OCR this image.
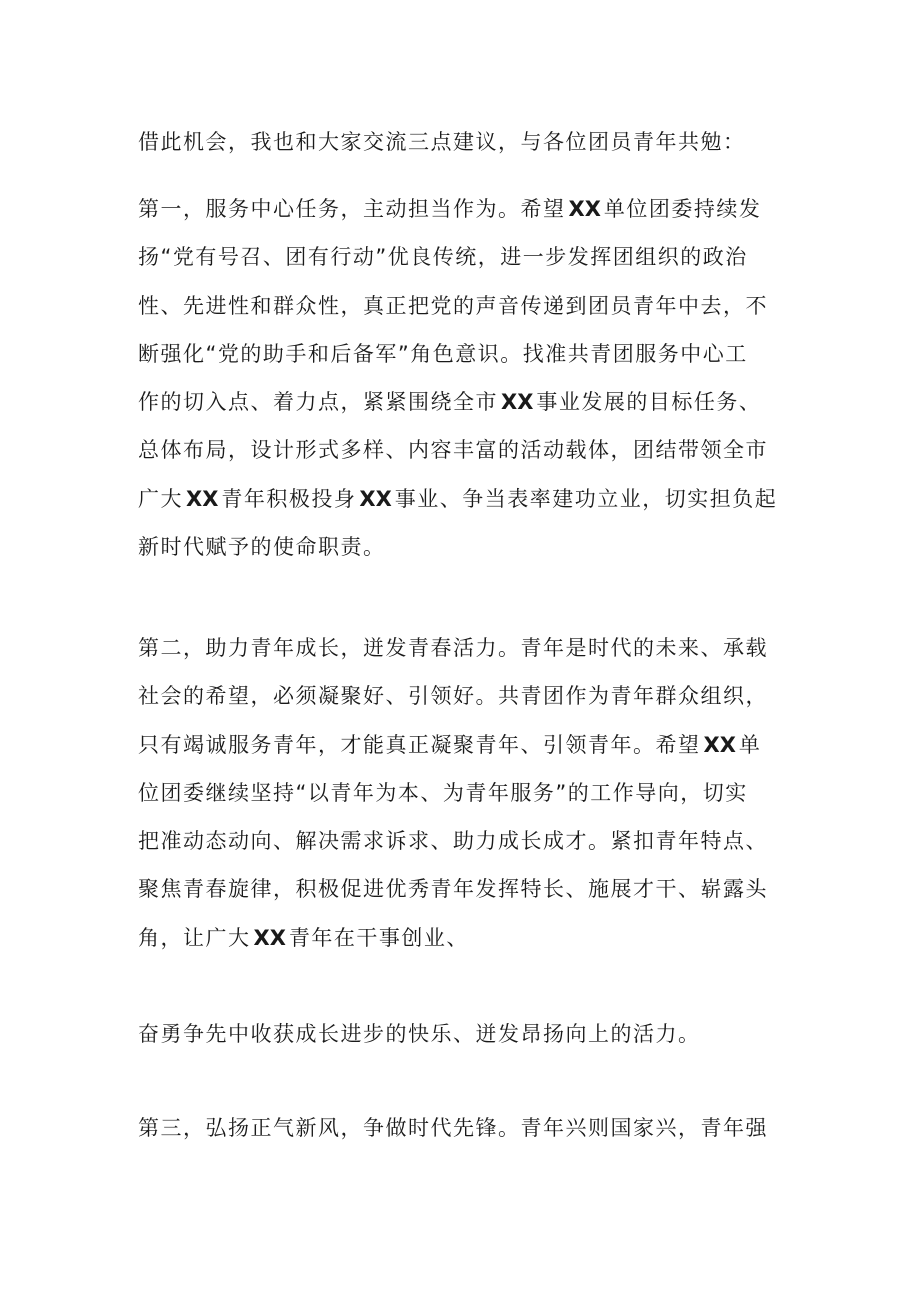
借此机会，我也和大家交流三点建议，与各位团员青年共勉：

第一，服务中心任务，主动担当作为。希望 XX 单位团委持续发
扬“党有号召、团有行动”优良传统，进一步发挥团组织的政治
性、先进性和群众性，真正把党的声音传递到团员青年中去，不
断强化“党的助手和后备军”角色意识。找准共青团服务中心工
作的切入点、着力点，紧紧围绕全市 XX 事业发展的目标任务、
总体布局，设计形式多样、内容丰富的活动载体，团结带领全市
广大 XX 青年积极投身 XX 事业、争当表率建功立业，切实担负起
新时代赋予的使命职责。

第二，助力青年成长，迸发青春活力。青年是时代的未来、承载
社会的希望，必须凝聚好、引领好。共青团作为青年群众组织，
只有竭诚服务青年，才能真正凝聚青年、引领青年。希望 XX 单
位团委继续坚持“以青年为本、为青年服务”的工作导向，切实
把准动态动向、解决需求诉求、助力成长成才。紧扣青年特点、
聚焦青春旋律，积极促进优秀青年发挥特长、施展才干、崭露头
角，让广大 XX 青年在干事创业、

奋勇争先中收获成长进步的快乐、迸发昂扬向上的活力。

第三，弘扬正气新风，争做时代先锋。青年兴则国家兴，青年强
